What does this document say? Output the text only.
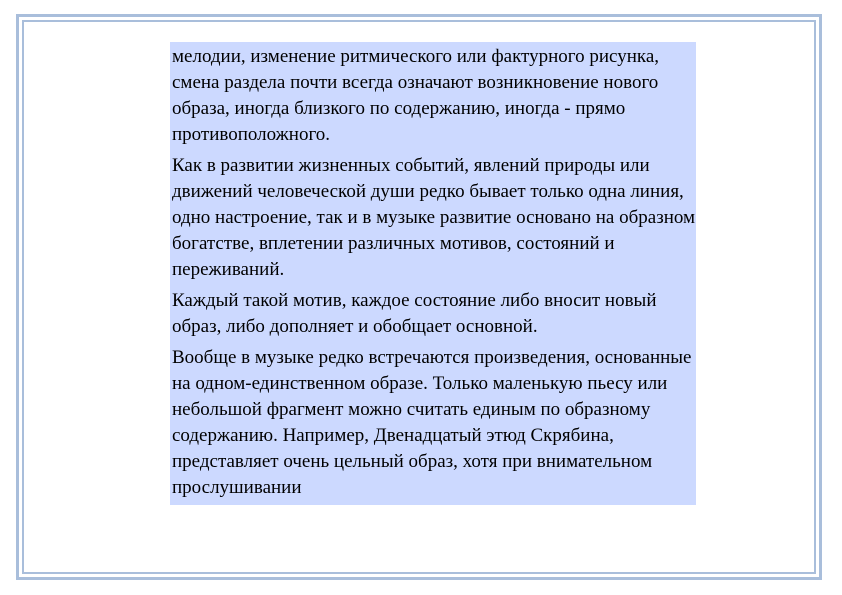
мелодии, изменение ритмического или фактурного рисунка, смена раздела почти всегда означают возникновение нового образа, иногда близкого по содержанию, иногда - прямо противоположного.

Как в развитии жизненных событий, явлений природы или движений человеческой души редко бывает только одна линия, одно настроение, так и в музыке развитие основано на образном богатстве, вплетении различных мотивов, состояний и переживаний.

Каждый такой мотив, каждое состояние либо вносит новый образ, либо дополняет и обобщает основной.

Вообще в музыке редко встречаются произведения, основанные на одном-единственном образе. Только маленькую пьесу или небольшой фрагмент можно считать единым по образному содержанию. Например, Двенадцатый этюд Скрябина, представляет очень цельный образ, хотя при внимательном прослушивании
